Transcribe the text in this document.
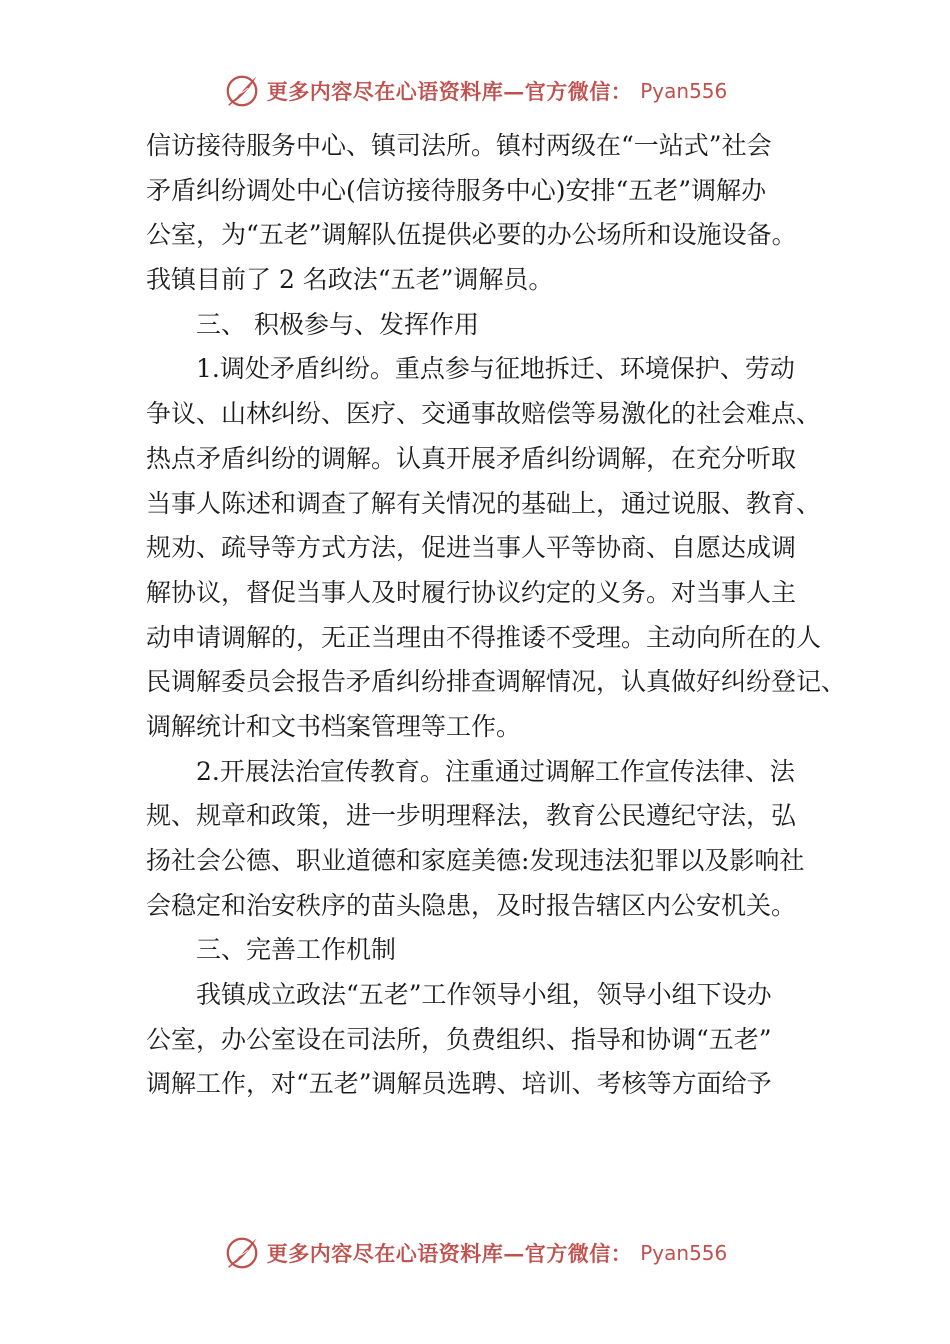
更多内容尽在心语资料库—官方微信： Pyan556
信访接待服务中心、镇司法所。镇村两级在“一站式”社会
矛盾纠纷调处中心(信访接待服务中心)安排“五老”调解办
公室，为“五老”调解队伍提供必要的办公场所和设施设备。
我镇目前了 2 名政法“五老”调解员。
三、 积极参与、发挥作用
1.调处矛盾纠纷。重点参与征地拆迁、环境保护、劳动
争议、山林纠纷、医疗、交通事故赔偿等易激化的社会难点、
热点矛盾纠纷的调解。认真开展矛盾纠纷调解，在充分听取
当事人陈述和调查了解有关情况的基础上，通过说服、教育、
规劝、疏导等方式方法，促进当事人平等协商、自愿达成调
解协议，督促当事人及时履行协议约定的义务。对当事人主
动申请调解的，无正当理由不得推诿不受理。主动向所在的人
民调解委员会报告矛盾纠纷排查调解情况，认真做好纠纷登记、
调解统计和文书档案管理等工作。
2.开展法治宣传教育。注重通过调解工作宣传法律、法
规、规章和政策，进一步明理释法，教育公民遵纪守法，弘
扬社会公德、职业道德和家庭美德:发现违法犯罪以及影响社
会稳定和治安秩序的苗头隐患，及时报告辖区内公安机关。
三、完善工作机制
我镇成立政法“五老”工作领导小组，领导小组下设办
公室，办公室设在司法所，负费组织、指导和协调“五老”
调解工作，对“五老”调解员选聘、培训、考核等方面给予
更多内容尽在心语资料库—官方微信： Pyan556
